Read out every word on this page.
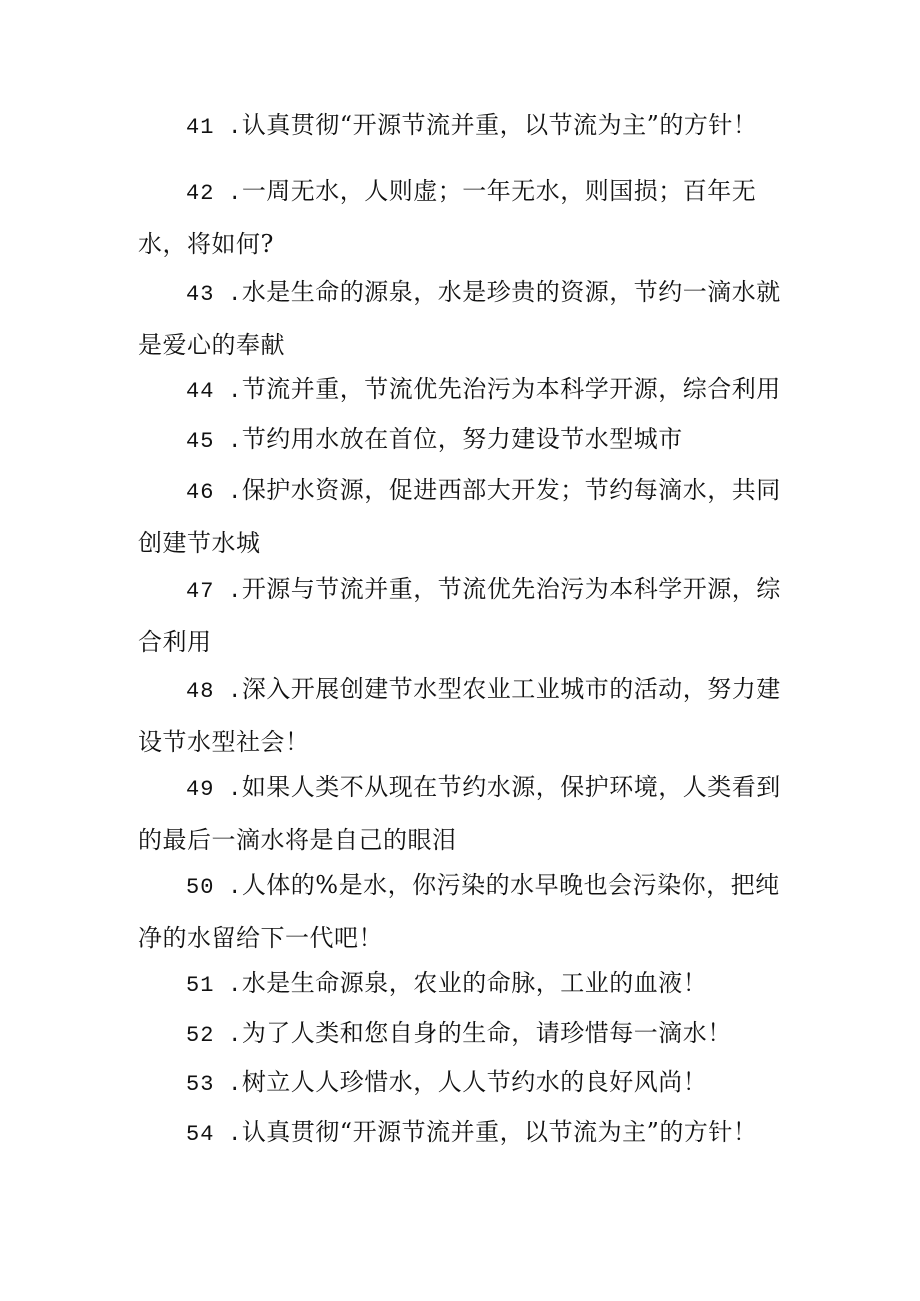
41 .认真贯彻“开源节流并重，以节流为主”的方针！

42 .一周无水，人则虚；一年无水，则国损；百年无水，将如何?

43 .水是生命的源泉，水是珍贵的资源，节约一滴水就是爱心的奉献

44 .节流并重，节流优先治污为本科学开源，综合利用

45 .节约用水放在首位，努力建设节水型城市

46 .保护水资源，促进西部大开发；节约每滴水，共同创建节水城

47 .开源与节流并重，节流优先治污为本科学开源，综合利用

48 .深入开展创建节水型农业工业城市的活动，努力建设节水型社会！

49 .如果人类不从现在节约水源，保护环境，人类看到的最后一滴水将是自己的眼泪

50 .人体的%是水，你污染的水早晚也会污染你，把纯净的水留给下一代吧！

51 .水是生命源泉，农业的命脉，工业的血液！

52 .为了人类和您自身的生命，请珍惜每一滴水！

53 .树立人人珍惜水，人人节约水的良好风尚！

54 .认真贯彻“开源节流并重，以节流为主”的方针！
